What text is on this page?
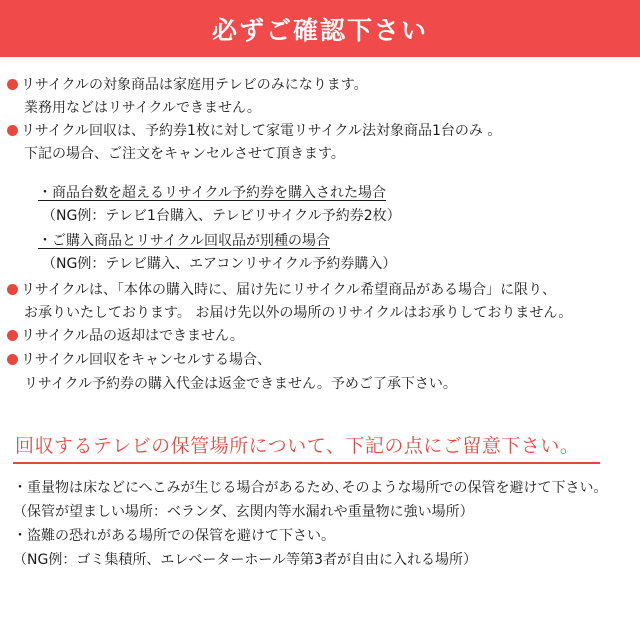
必ずご確認下さい
リサイクルの対象商品は家庭用テレビのみになります。
業務用などはリサイクルできません。
リサイクル回収は、予約券1枚に対して家電リサイクル法対象商品1台のみ 。
下記の場合、ご注文をキャンセルさせて頂きます。
・商品台数を超えるリサイクル予約券を購入された場合
（NG例：テレビ1台購入、テレビリサイクル予約券2枚）
・ご購入商品とリサイクル回収品が別種の場合
（NG例：テレビ購入、エアコンリサイクル予約券購入）
リサイクルは、「本体の購入時に、届け先にリサイクル希望商品がある場合」に限り、
お承りいたしております。 お届け先以外の場所のリサイクルはお承りしておりません。
リサイクル品の返却はできません。
リサイクル回収をキャンセルする場合、
リサイクル予約券の購入代金は返金できません。予めご了承下さい。
回収するテレビの保管場所について、下記の点にご留意下さい。
・重量物は床などにへこみが生じる場合があるため､そのような場所での保管を避けて下さい。
（保管が望ましい場所：ベランダ、玄関内等水漏れや重量物に強い場所）
・盗難の恐れがある場所での保管を避けて下さい。
（NG例：ゴミ集積所、エレベーターホール等第3者が自由に入れる場所）
